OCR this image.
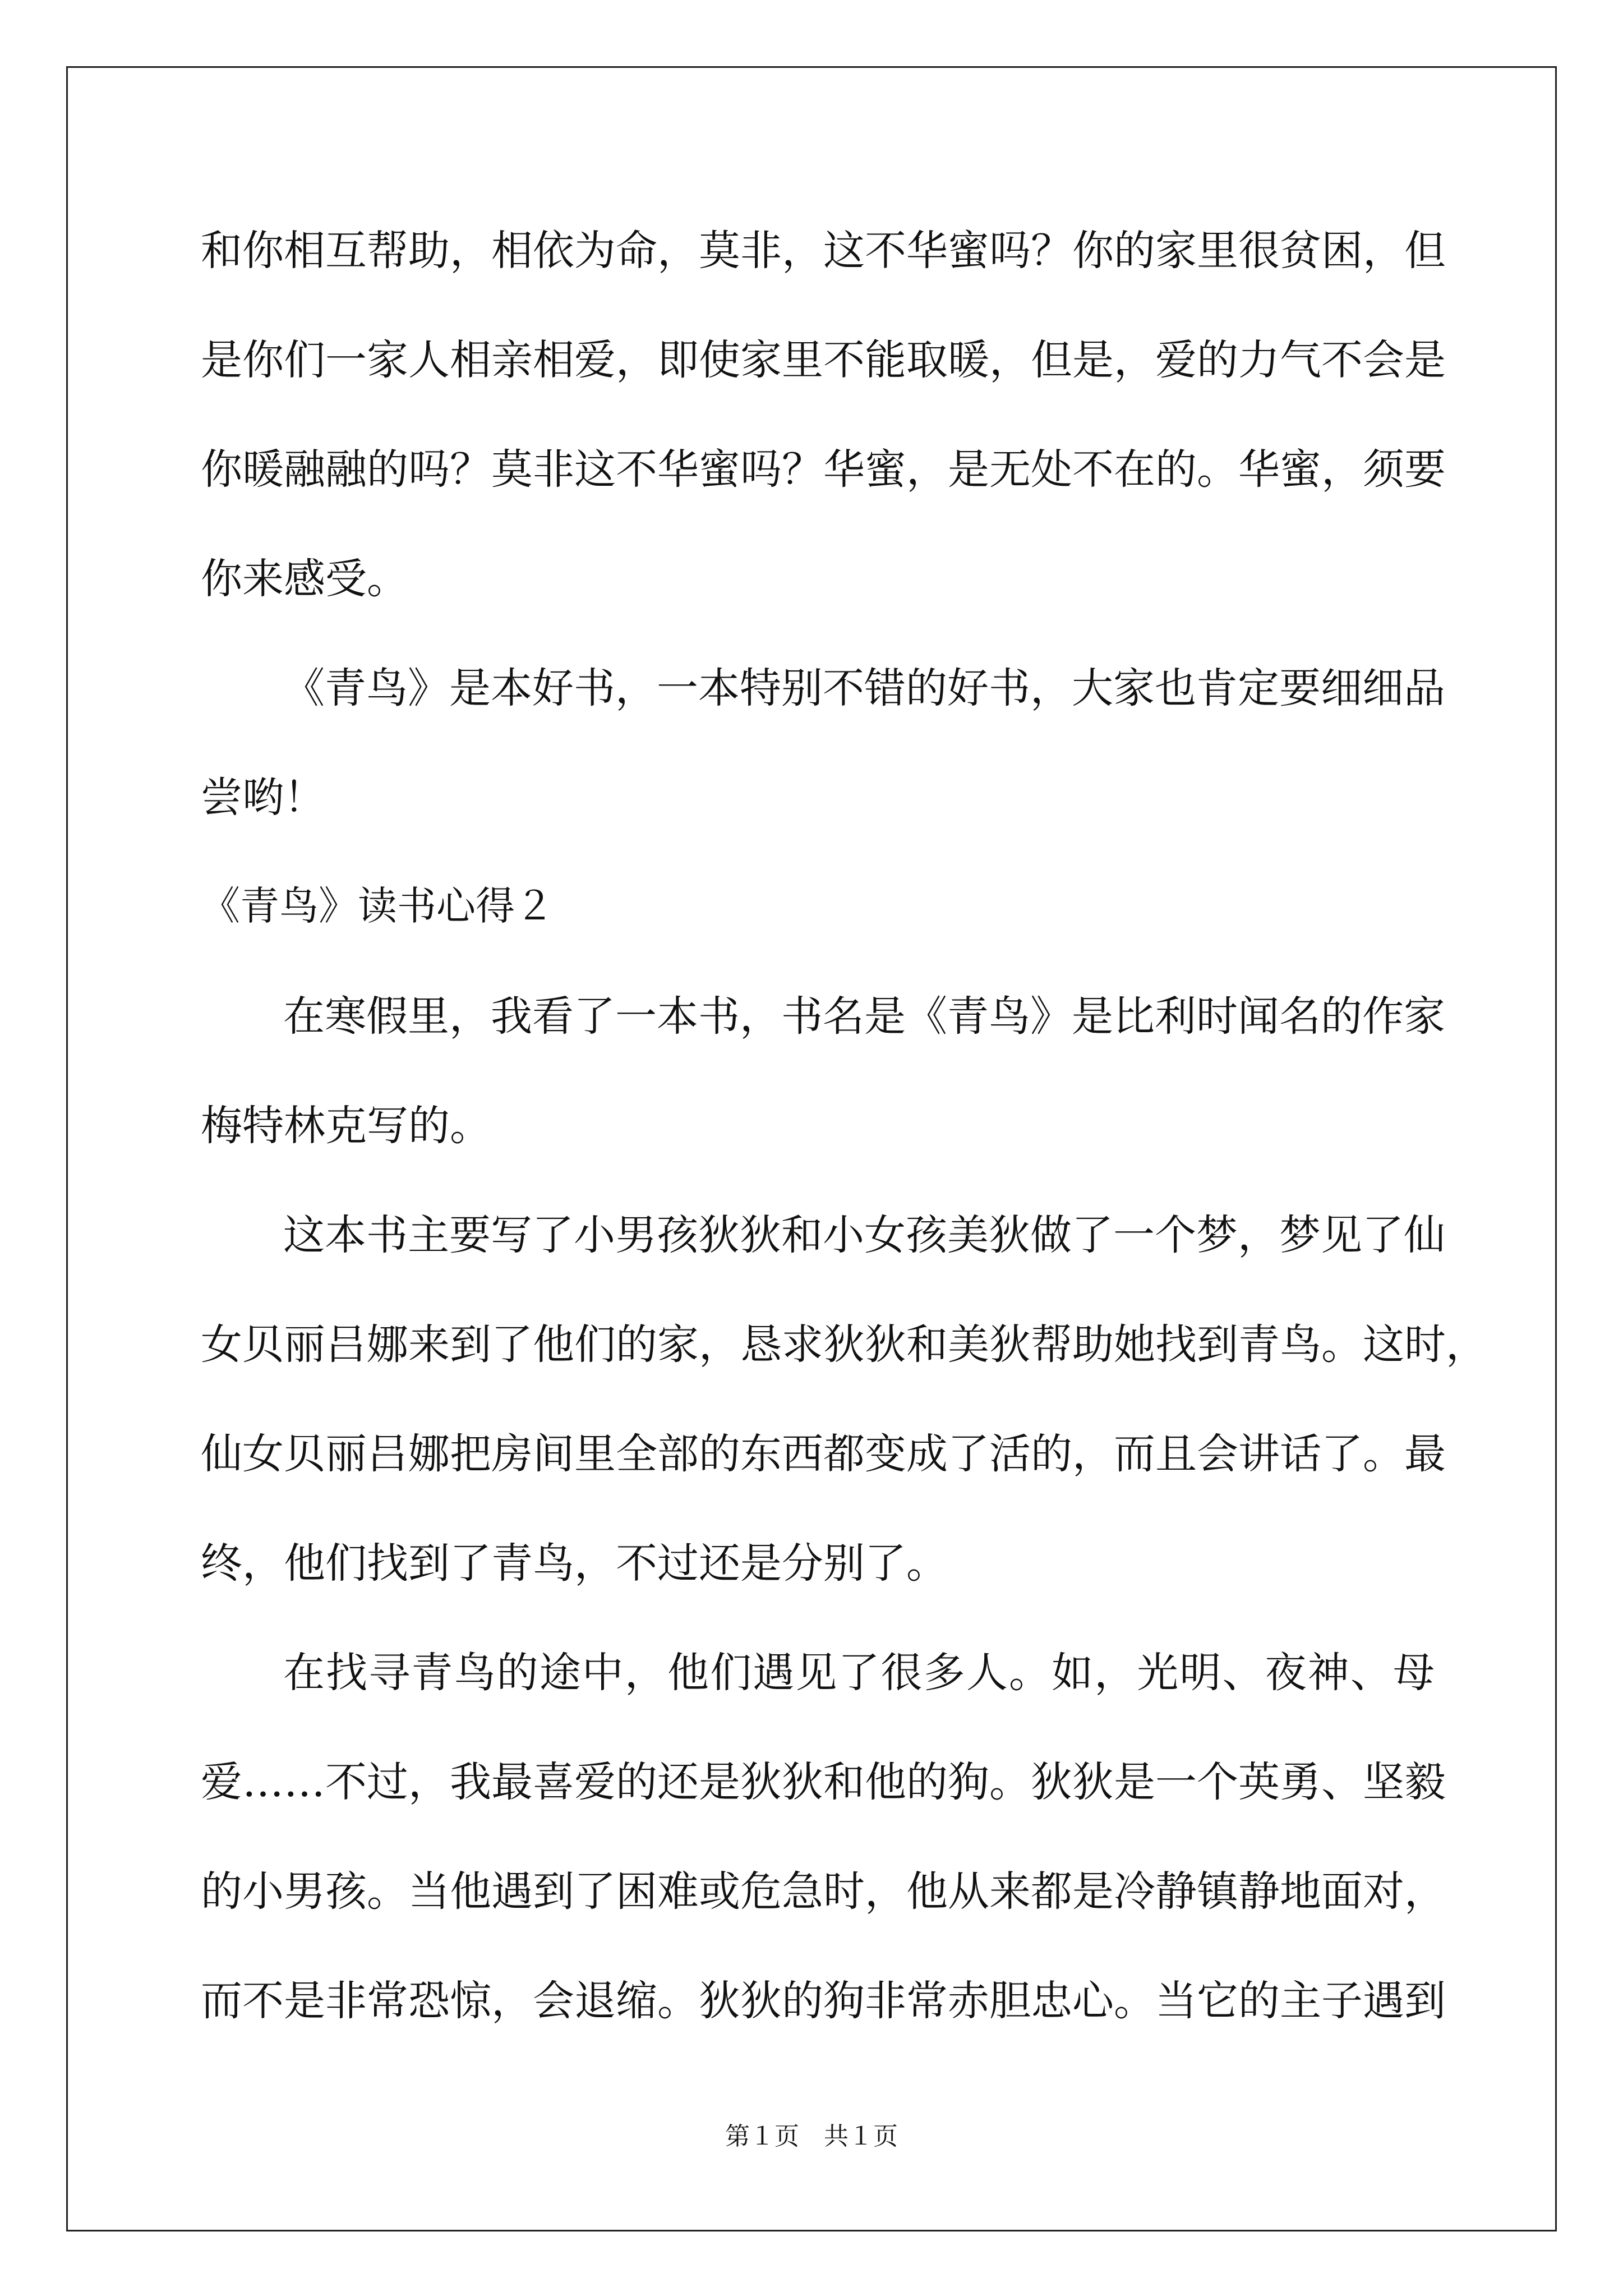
和你相互帮助，相依为命，莫非，这不华蜜吗？你的家里很贫困，但
是你们一家人相亲相爱，即使家里不能取暖，但是，爱的力气不会是
你暖融融的吗？莫非这不华蜜吗？华蜜，是无处不在的。华蜜，须要
你来感受。
《青鸟》是本好书，一本特别不错的好书，大家也肯定要细细品
尝哟！
《青鸟》读书心得２
在寒假里，我看了一本书，书名是《青鸟》是比利时闻名的作家
梅特林克写的。
这本书主要写了小男孩狄狄和小女孩美狄做了一个梦，梦见了仙
女贝丽吕娜来到了他们的家，恳求狄狄和美狄帮助她找到青鸟。这时，
仙女贝丽吕娜把房间里全部的东西都变成了活的，而且会讲话了。最
终，他们找到了青鸟，不过还是分别了。
在找寻青鸟的途中，他们遇见了很多人。如，光明、夜神、母
爱……不过，我最喜爱的还是狄狄和他的狗。狄狄是一个英勇、坚毅
的小男孩。当他遇到了困难或危急时，他从来都是冷静镇静地面对，
而不是非常恐惊，会退缩。狄狄的狗非常赤胆忠心。当它的主子遇到
第１页　共１页
